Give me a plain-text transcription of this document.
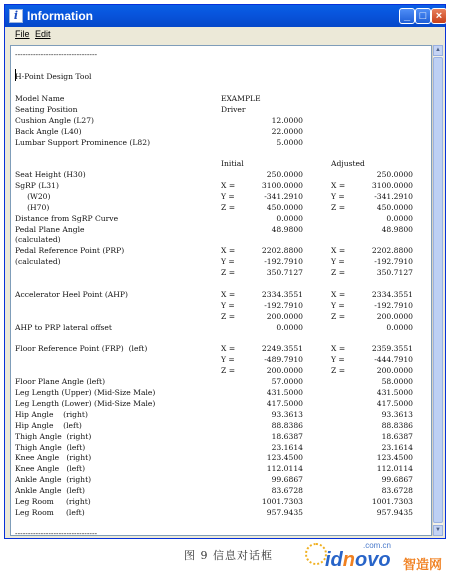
i Information	_ □ ×
File Edit
--------------------------------
H-Point Design Tool
Model Name	EXAMPLE
Seating Position	Driver
Cushion Angle (L27)	12.0000
Back Angle (L40)	22.0000
Lumbar Support Prominence (L82)	5.0000
Initial	Adjusted
Seat Height (H30)	250.0000	250.0000
SgRP (L31)	X =	3100.0000	X =	3100.0000
(W20)	Y =	-341.2910	Y =	-341.2910
(H70)	Z =	450.0000	Z =	450.0000
Distance from SgRP Curve	0.0000	0.0000
Pedal Plane Angle	48.9800	48.9800
(calculated)
Pedal Reference Point (PRP)	X =	2202.8800	X =	2202.8800
(calculated)	Y =	-192.7910	Y =	-192.7910
Z =	350.7127	Z =	350.7127
Accelerator Heel Point (AHP)	X =	2334.3551	X =	2334.3551
Y =	-192.7910	Y =	-192.7910
Z =	200.0000	Z =	200.0000
AHP to PRP lateral offset	0.0000	0.0000
Floor Reference Point (FRP)  (left)	X =	2249.3551	X =	2359.3551
Y =	-489.7910	Y =	-444.7910
Z =	200.0000	Z =	200.0000
Floor Plane Angle (left)	57.0000	58.0000
Leg Length (Upper) (Mid-Size Male)	431.5000	431.5000
Leg Length (Lower) (Mid-Size Male)	417.5000	417.5000
Hip Angle    (right)	93.3613	93.3613
Hip Angle    (left)	88.8386	88.8386
Thigh Angle  (right)	18.6387	18.6387
Thigh Angle  (left)	23.1614	23.1614
Knee Angle   (right)	123.4500	123.4500
Knee Angle   (left)	112.0114	112.0114
Ankle Angle  (right)	99.6867	99.6867
Ankle Angle  (left)	83.6728	83.6728
Leg Room     (right)	1001.7303	1001.7303
Leg Room     (left)	957.9435	957.9435
--------------------------------
▲
▼
图 9 信息对话框
.com.cn
idnovo 智造网
